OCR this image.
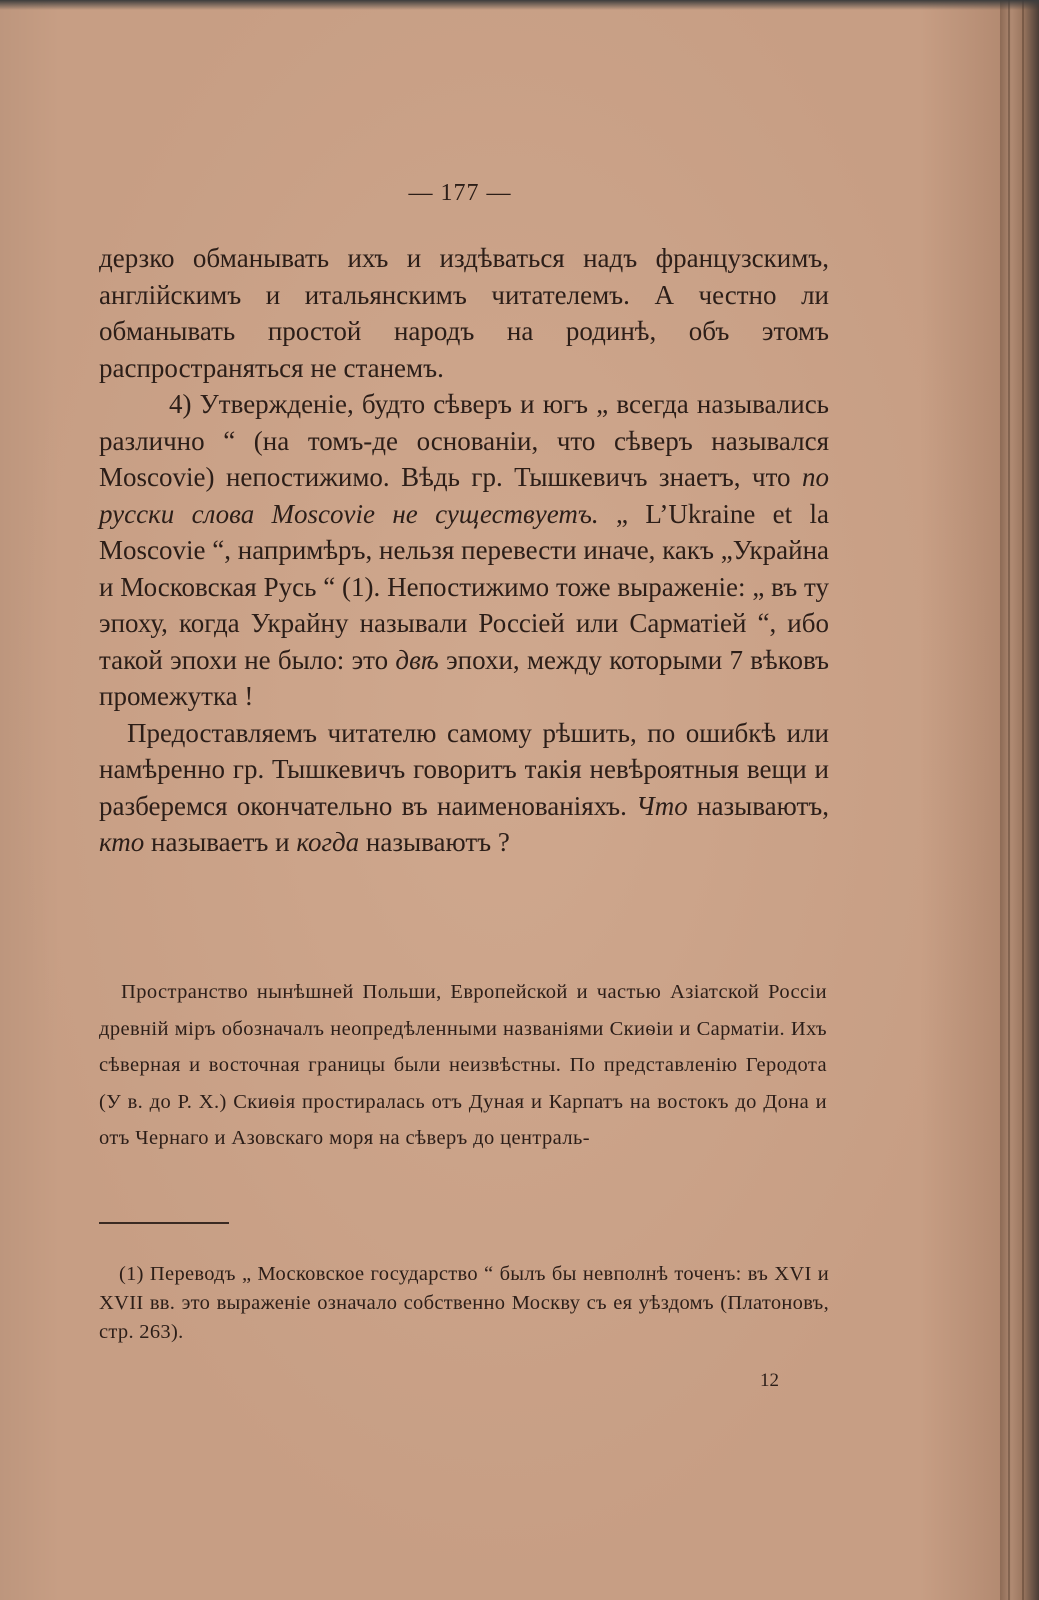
— 177 —

дерзко обманывать ихъ и издѣваться надъ французскимъ, англійскимъ и итальянскимъ читателемъ. А честно ли обманывать простой народъ на родинѣ, объ этомъ распространяться не станемъ.

4) Утвержденіе, будто сѣверъ и югъ „ всегда назывались различно “ (на томъ-де основаніи, что сѣверъ назывался Moscovie) непостижимо. Вѣдь гр. Тышкевичъ знаетъ, что по русски слова Moscovie не существуетъ. „ L’Ukraine et la Moscovie “, напримѣръ, нельзя перевести иначе, какъ „Украйна и Московская Русь “ (1). Непостижимо тоже выраженіе: „ въ ту эпоху, когда Украйну называли Россіей или Сарматіей “, ибо такой эпохи не было: это двѣ эпохи, между которыми 7 вѣковъ промежутка !

Предоставляемъ читателю самому рѣшить, по ошибкѣ или намѣренно гр. Тышкевичъ говоритъ такія невѣроятныя вещи и разберемся окончательно въ наименованіяхъ. Что называютъ, кто называетъ и когда называютъ ?

Пространство нынѣшней Польши, Европейской и частью Азіатской Россіи древній міръ обозначалъ неопредѣленными названіями Скиѳіи и Сарматіи. Ихъ сѣверная и восточная границы были неизвѣстны. По представленію Геродота (У в. до Р. Х.) Скиѳія простиралась отъ Дуная и Карпатъ на востокъ до Дона и отъ Чернаго и Азовскаго моря на сѣверъ до централь-

(1) Переводъ „ Московское государство “ былъ бы невполнѣ точенъ: въ XVI и XVII вв. это выраженіе означало собственно Москву съ ея уѣздомъ (Платоновъ, стр. 263).

12
